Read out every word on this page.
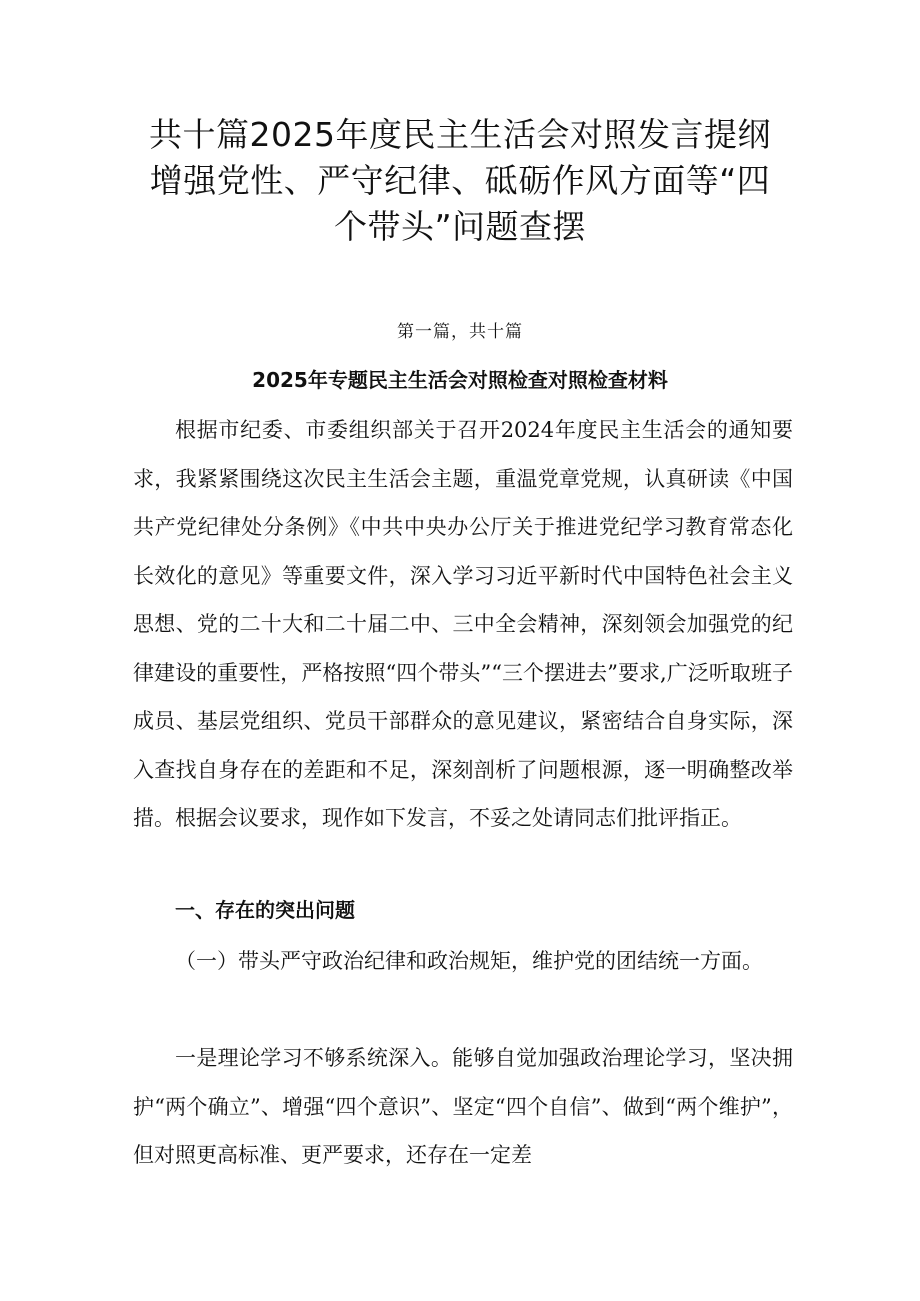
共十篇2025年度民主生活会对照发言提纲
增强党性、严守纪律、砥砺作风方面等“四
个带头”问题查摆
第一篇，共十篇
2025年专题民主生活会对照检查对照检查材料

根据市纪委、市委组织部关于召开2024年度民主生活会的通知要求，我紧紧围绕这次民主生活会主题，重温党章党规，认真研读《中国共产党纪律处分条例》《中共中央办公厅关于推进党纪学习教育常态化长效化的意见》等重要文件，深入学习习近平新时代中国特色社会主义思想、党的二十大和二十届二中、三中全会精神，深刻领会加强党的纪律建设的重要性，严格按照“四个带头”“三个摆进去”要求,广泛听取班子成员、基层党组织、党员干部群众的意见建议，紧密结合自身实际，深入查找自身存在的差距和不足，深刻剖析了问题根源，逐一明确整改举措。根据会议要求，现作如下发言，不妥之处请同志们批评指正。

一、存在的突出问题

（一）带头严守政治纪律和政治规矩，维护党的团结统一方面。

一是理论学习不够系统深入。能够自觉加强政治理论学习，坚决拥护“两个确立”、增强“四个意识”、坚定“四个自信”、做到“两个维护”，但对照更高标准、更严要求，还存在一定差
